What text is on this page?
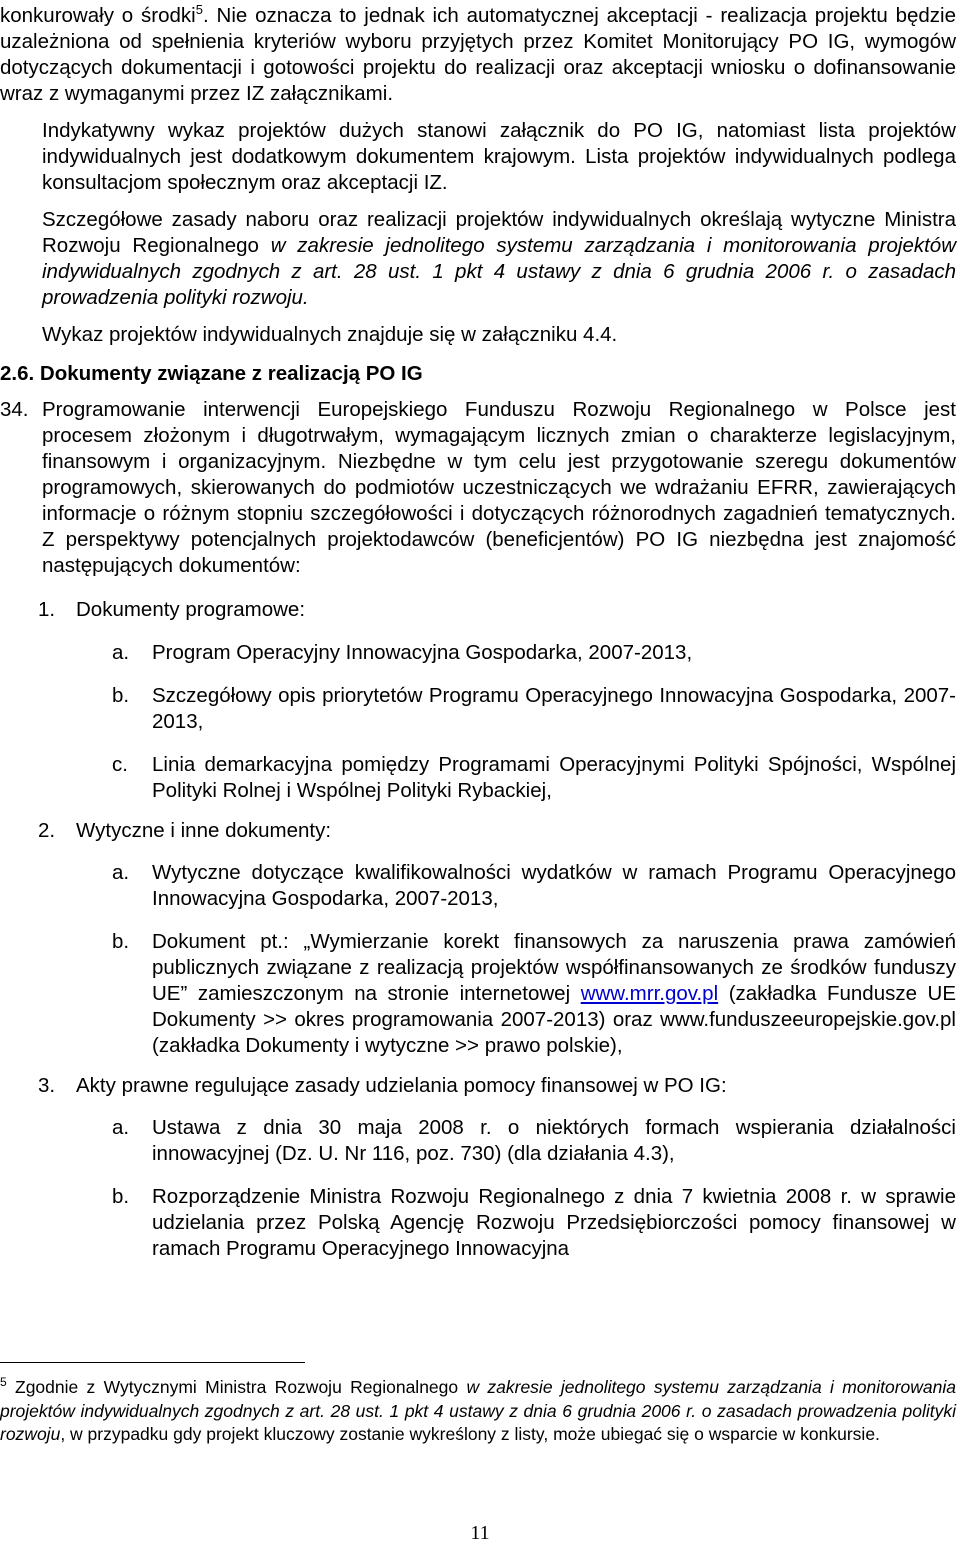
konkurowały o środki$^5$. Nie oznacza to jednak ich automatycznej akceptacji - realizacja projektu będzie uzależniona od spełnienia kryteriów wyboru przyjętych przez Komitet Monitorujący PO IG, wymogów dotyczących dokumentacji i gotowości projektu do realizacji oraz akceptacji wniosku o dofinansowanie wraz z wymaganymi przez IZ załącznikami.

Indykatywny wykaz projektów dużych stanowi załącznik do PO IG, natomiast lista projektów indywidualnych jest dodatkowym dokumentem krajowym. Lista projektów indywidualnych podlega konsultacjom społecznym oraz akceptacji IZ.

Szczegółowe zasady naboru oraz realizacji projektów indywidualnych określają wytyczne Ministra Rozwoju Regionalnego w zakresie jednolitego systemu zarządzania i monitorowania projektów indywidualnych zgodnych z art. 28 ust. 1 pkt 4 ustawy z dnia 6 grudnia 2006 r. o zasadach prowadzenia polityki rozwoju.

Wykaz projektów indywidualnych znajduje się w załączniku 4.4.

2.6. Dokumenty związane z realizacją PO IG
34. Programowanie interwencji Europejskiego Funduszu Rozwoju Regionalnego w Polsce jest procesem złożonym i długotrwałym, wymagającym licznych zmian o charakterze legislacyjnym, finansowym i organizacyjnym. Niezbędne w tym celu jest przygotowanie szeregu dokumentów programowych, skierowanych do podmiotów uczestniczących we wdrażaniu EFRR, zawierających informacje o różnym stopniu szczegółowości i dotyczących różnorodnych zagadnień tematycznych. Z perspektywy potencjalnych projektodawców (beneficjentów) PO IG niezbędna jest znajomość następujących dokumentów:

1. Dokumenty programowe:

a. Program Operacyjny Innowacyjna Gospodarka, 2007-2013,

b. Szczegółowy opis priorytetów Programu Operacyjnego Innowacyjna Gospodarka, 2007-2013,

c. Linia demarkacyjna pomiędzy Programami Operacyjnymi Polityki Spójności, Wspólnej Polityki Rolnej i Wspólnej Polityki Rybackiej,

2. Wytyczne i inne dokumenty:

a. Wytyczne dotyczące kwalifikowalności wydatków w ramach Programu Operacyjnego Innowacyjna Gospodarka, 2007-2013,

b. Dokument pt.: „Wymierzanie korekt finansowych za naruszenia prawa zamówień publicznych związane z realizacją projektów współfinansowanych ze środków funduszy UE” zamieszczonym na stronie internetowej www.mrr.gov.pl (zakładka Fundusze UE Dokumenty >> okres programowania 2007-2013) oraz www.funduszeeuropejskie.gov.pl (zakładka Dokumenty i wytyczne >> prawo polskie),

3. Akty prawne regulujące zasady udzielania pomocy finansowej w PO IG:

a. Ustawa z dnia 30 maja 2008 r. o niektórych formach wspierania działalności innowacyjnej (Dz. U. Nr 116, poz. 730) (dla działania 4.3),

b. Rozporządzenie Ministra Rozwoju Regionalnego z dnia 7 kwietnia 2008 r. w sprawie udzielania przez Polską Agencję Rozwoju Przedsiębiorczości pomocy finansowej w ramach Programu Operacyjnego Innowacyjna

$^5$ Zgodnie z Wytycznymi Ministra Rozwoju Regionalnego w zakresie jednolitego systemu zarządzania i monitorowania projektów indywidualnych zgodnych z art. 28 ust. 1 pkt 4 ustawy z dnia 6 grudnia 2006 r. o zasadach prowadzenia polityki rozwoju, w przypadku gdy projekt kluczowy zostanie wykreślony z listy, może ubiegać się o wsparcie w konkursie.

11
